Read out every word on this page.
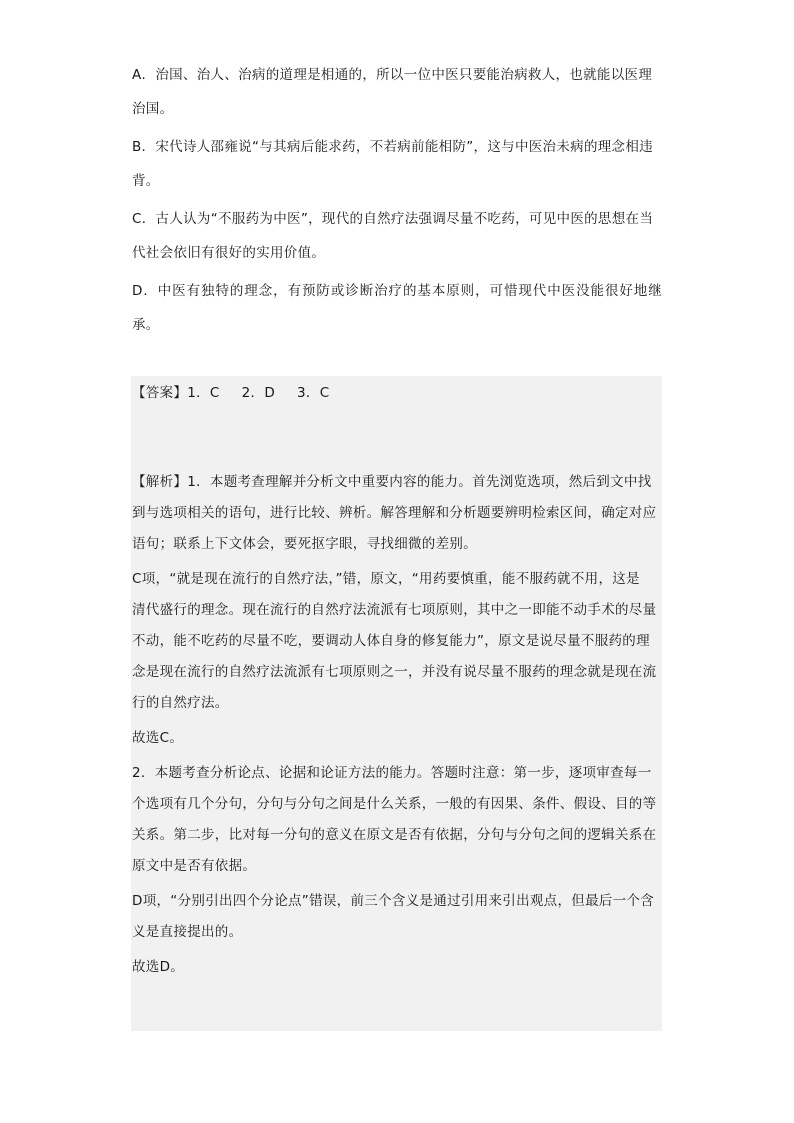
A．治国、治人、治病的道理是相通的，所以一位中医只要能治病救人，也就能以医理
治国。

B．宋代诗人邵雍说“与其病后能求药，不若病前能相防”，这与中医治未病的理念相违
背。

C．古人认为“不服药为中医”，现代的自然疗法强调尽量不吃药，可见中医的思想在当
代社会依旧有很好的实用价值。

D．中医有独特的理念，有预防或诊断治疗的基本原则，可惜现代中医没能很好地继承。

【答案】1．C 2．D 3．C

【解析】1．本题考查理解并分析文中重要内容的能力。首先浏览选项，然后到文中找
到与选项相关的语句，进行比较、辨析。解答理解和分析题要辨明检索区间，确定对应
语句；联系上下文体会，要死抠字眼，寻找细微的差别。

C项，“就是现在流行的自然疗法，”错，原文，“用药要慎重，能不服药就不用，这是
清代盛行的理念。现在流行的自然疗法流派有七项原则，其中之一即能不动手术的尽量
不动，能不吃药的尽量不吃，要调动人体自身的修复能力”，原文是说尽量不服药的理
念是现在流行的自然疗法流派有七项原则之一，并没有说尽量不服药的理念就是现在流
行的自然疗法。

故选C。

2．本题考查分析论点、论据和论证方法的能力。答题时注意：第一步，逐项审查每一
个选项有几个分句，分句与分句之间是什么关系，一般的有因果、条件、假设、目的等
关系。第二步，比对每一分句的意义在原文是否有依据，分句与分句之间的逻辑关系在
原文中是否有依据。

D项，“分别引出四个分论点”错误，前三个含义是通过引用来引出观点，但最后一个含
义是直接提出的。

故选D。
